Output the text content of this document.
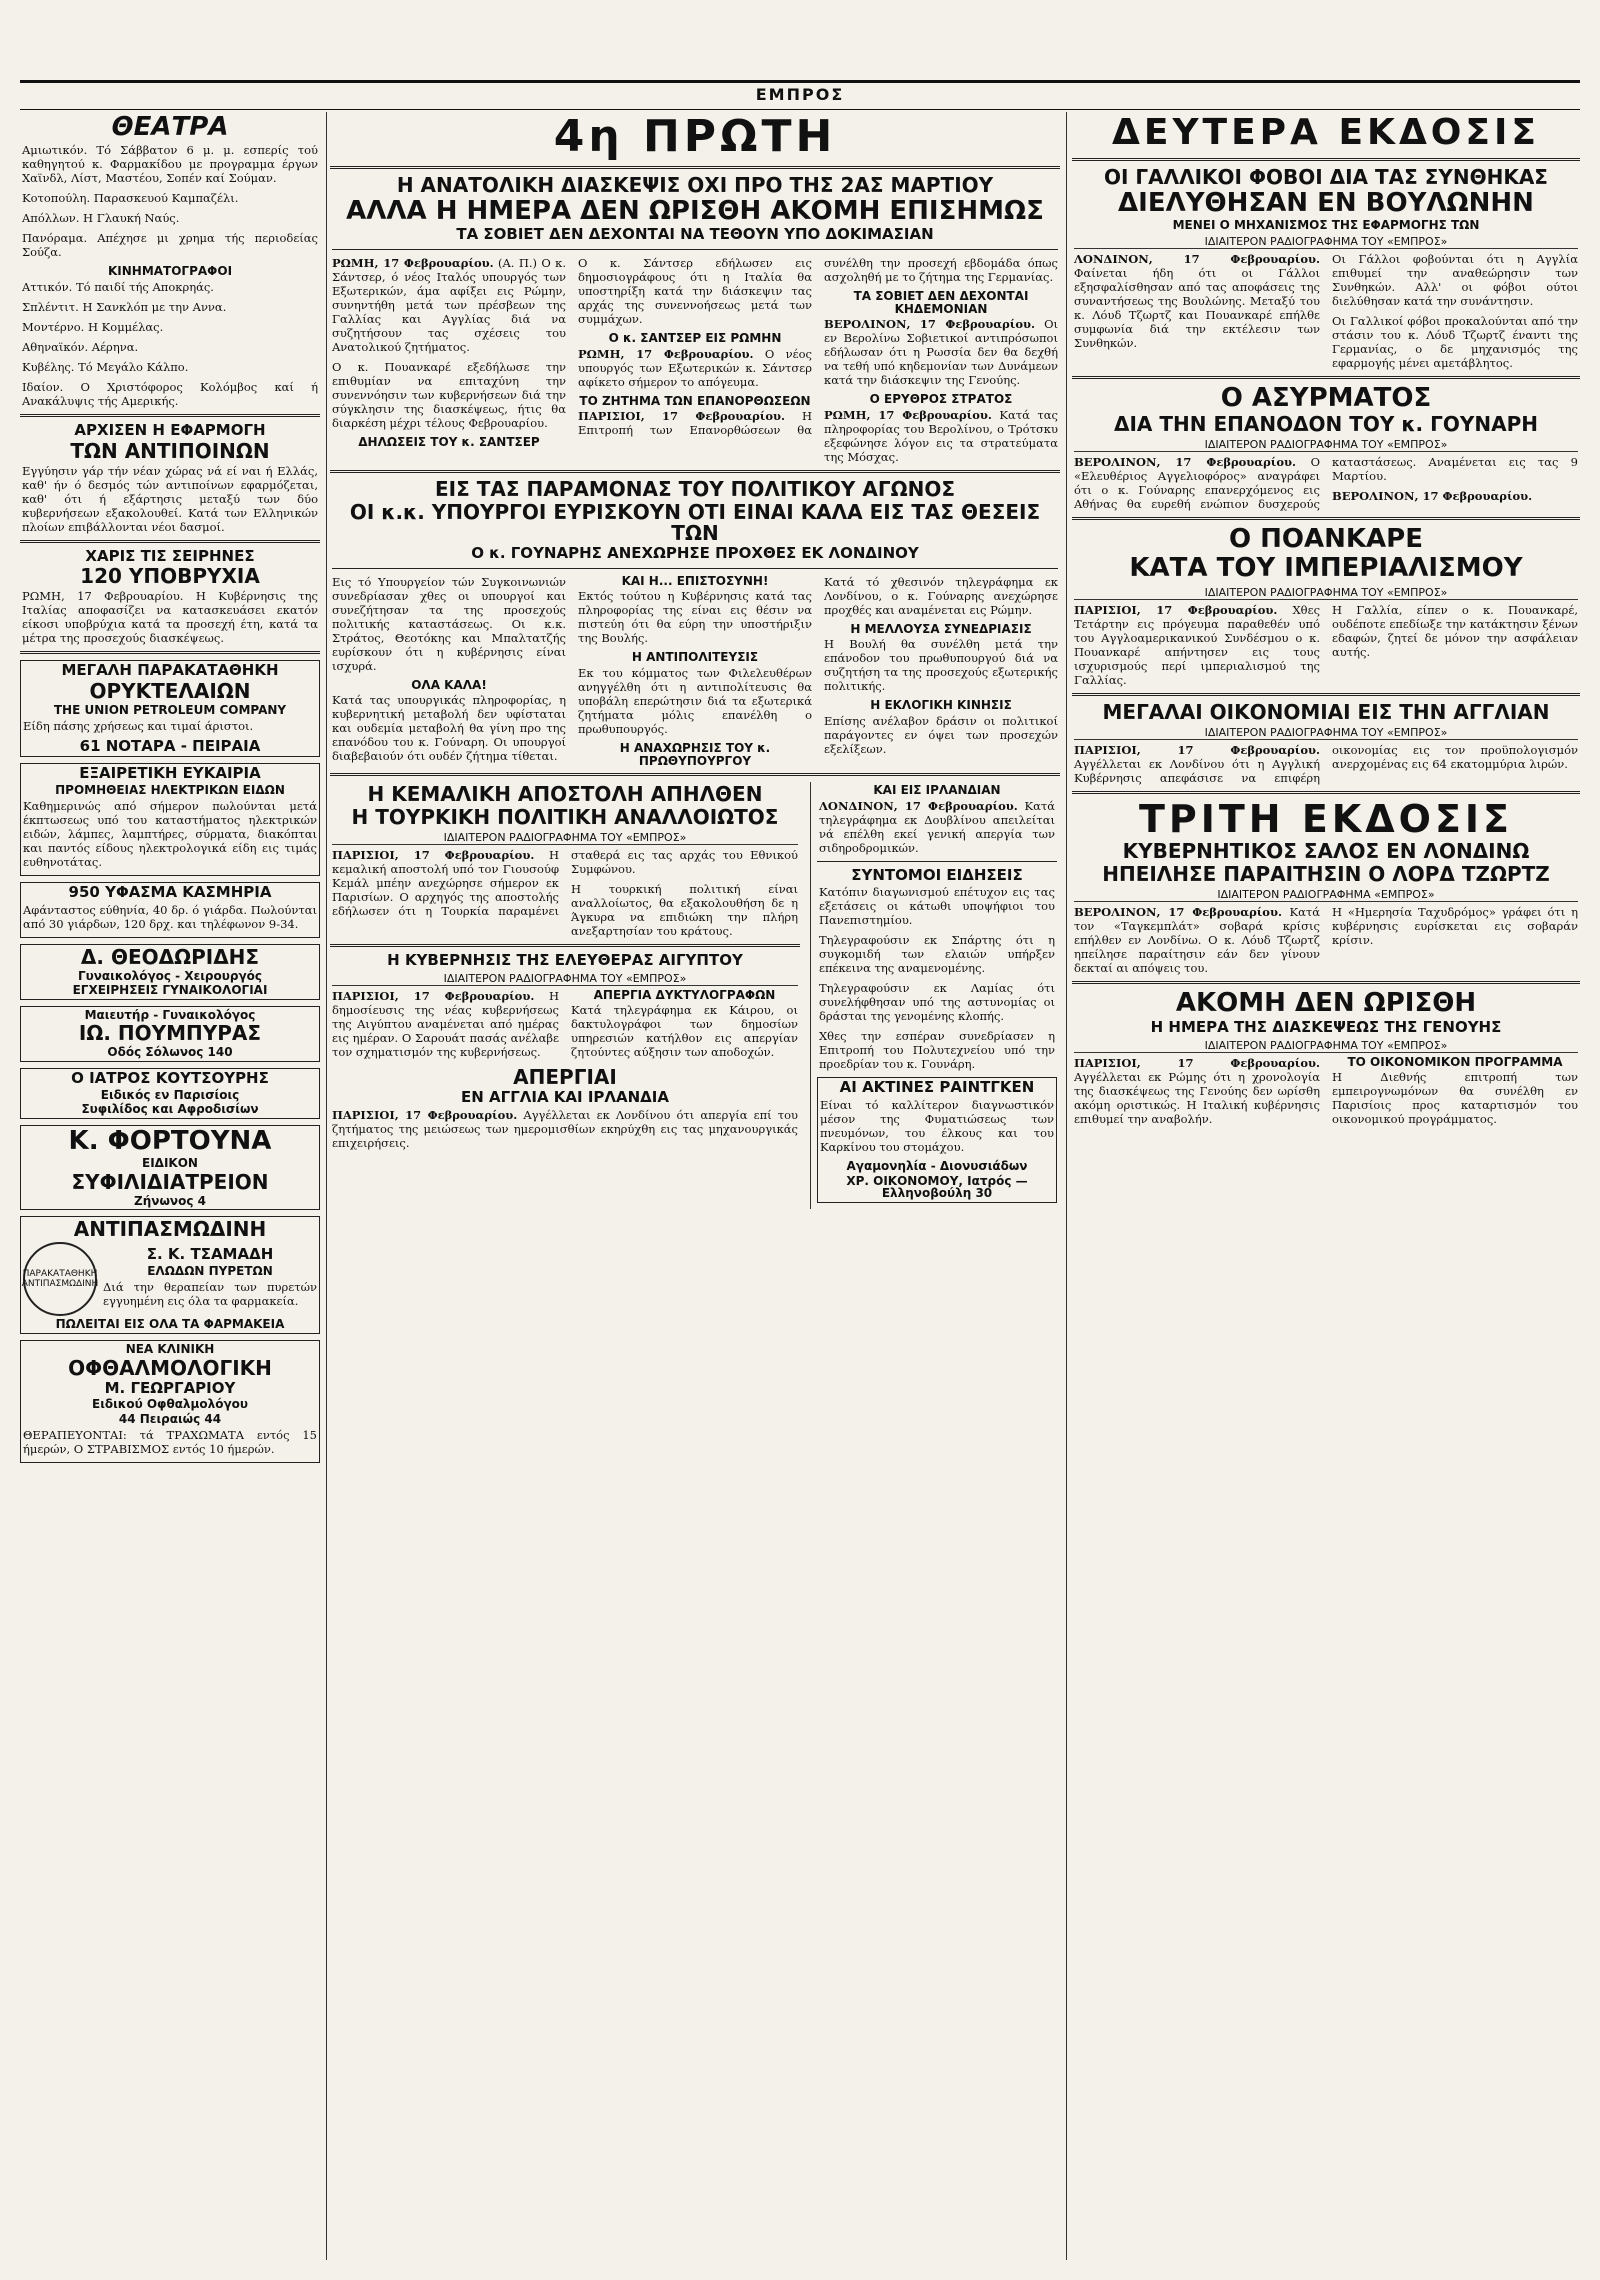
ΕΜΠΡΟΣ
ΘΕΑΤΡΑ

Αμιωτικόν. Τό Σάββατον 6 μ. μ. εσπερίς τού καθηγητού κ. Φαρμακίδου με προγραμμα έργων Χαϊνδλ, Λίστ, Μαστέου, Σοπέν καί Σούμαν.

Κοτοπούλη. Παρασκευού Καμπαζέλι.

Απόλλων. Η Γλαυκή Ναύς.

Πανόραμα. Απέχησε μι χρημα τής περιοδείας Σούζα.

ΚΙΝΗΜΑΤΟΓΡΑΦΟΙ

Αττικόν. Τό παιδί τής Αποκρηάς.

Σπλέντιτ. Η Σανκλόπ με την Αννα.

Μοντέρνο. Η Κομμέλας.

Αθηναϊκόν. Αέρηνα.

Κυβέλης. Τό Μεγάλο Κάλπο.

Ιδαίον. Ο Χριστόφορος Κολόμβος καί ή Ανακάλυψις τής Αμερικής.

ΑΡΧΙΣΕΝ Η ΕΦΑΡΜΟΓΗ
ΤΩΝ ΑΝΤΙΠΟΙΝΩΝ

Εγγύησιν γάρ τήν νέαν χώρας νά εί ναι ή Ελλάς, καθ' ήν ό δεσμός τών αντιποίνων εφαρμόζεται, καθ' ότι ή εξάρτησις μεταξύ των δύο κυβερνήσεων εξακολουθεί. Κατά των Ελληνικών πλοίων επιβάλλονται νέοι δασμοί.

ΧΑΡΙΣ ΤΙΣ ΣΕΙΡΗΝΕΣ
120 ΥΠΟΒΡΥΧΙΑ

ΡΩΜΗ, 17 Φεβρουαρίου. Η Κυβέρνησις της Ιταλίας αποφασίζει να κατασκευάσει εκατόν είκοσι υποβρύχια κατά τα προσεχή έτη, κατά τα μέτρα της προσεχούς διασκέψεως.

ΜΕΓΑΛΗ ΠΑΡΑΚΑΤΑΘΗΚΗ
ΟΡΥΚΤΕΛΑΙΩΝ
THE UNION PETROLEUM COMPANY

Είδη πάσης χρήσεως και τιμαί άριστοι.

61 ΝΟΤΑΡΑ - ΠΕΙΡΑΙΑ
ΕΞΑΙΡΕΤΙΚΗ ΕΥΚΑΙΡΙΑ
ΠΡΟΜΗΘΕΙΑΣ ΗΛΕΚΤΡΙΚΩΝ ΕΙΔΩΝ

Καθημερινώς από σήμερον πωλούνται μετά έκπτωσεως υπό του καταστήματος ηλεκτρικών ειδών, λάμπες, λαμπτήρες, σύρματα, διακόπται και παντός είδους ηλεκτρολογικά είδη εις τιμάς ευθηνοτάτας.

950 ΥΦΑΣΜΑ ΚΑΣΜΗΡΙΑ

Αφάνταστος εύθηνία, 40 δρ. ό γιάρδα. Πωλούνται από 30 γιάρδων, 120 δρχ. και τηλέφωνον 9-34.

Δ. ΘΕΟΔΩΡΙΔΗΣ
Γυναικολόγος - Χειρουργός
ΕΓΧΕΙΡΗΣΕΙΣ ΓΥΝΑΙΚΟΛΟΓΙΑΙ
Μαιευτήρ - Γυναικολόγος
ΙΩ. ΠΟΥΜΠΥΡΑΣ
Οδός Σόλωνος 140
Ο ΙΑΤΡΟΣ ΚΟΥΤΣΟΥΡΗΣ
Ειδικός εν Παρισίοις
Συφιλίδος και Αφροδισίων
Κ. ΦΟΡΤΟΥΝΑ
ΕΙΔΙΚΟΝ
ΣΥΦΙΛΙΔΙΑΤΡΕΙΟΝ
Ζήνωνος 4
ΑΝΤΙΠΑΣΜΩΔΙΝΗ
ΠΑΡΑΚΑΤΑΘΗΚΗ ΑΝΤΙΠΑΣΜΩΔΙΝΗ
Σ. Κ. ΤΣΑΜΑΔΗ
ΕΛΩΔΩΝ ΠΥΡΕΤΩΝ

Διά την θεραπείαν των πυρετών εγγυημένη εις όλα τα φαρμακεία.

ΠΩΛΕΙΤΑΙ ΕΙΣ ΟΛΑ ΤΑ ΦΑΡΜΑΚΕΙΑ
ΝΕΑ ΚΛΙΝΙΚΗ
ΟΦΘΑΛΜΟΛΟΓΙΚΗ
Μ. ΓΕΩΡΓΑΡΙΟΥ
Ειδικού Οφθαλμολόγου
44 Πειραιώς 44

ΘΕΡΑΠΕΥΟΝΤΑΙ: τά ΤΡΑΧΩΜΑΤΑ εντός 15 ήμερών, Ο ΣΤΡΑΒΙΣΜΟΣ εντός 10 ήμερών.

4η ΠΡΩΤΗ
Η ΑΝΑΤΟΛΙΚΗ ΔΙΑΣΚΕΨΙΣ ΟΧΙ ΠΡΟ ΤΗΣ 2ΑΣ ΜΑΡΤΙΟΥ
ΑΛΛΑ Η ΗΜΕΡΑ ΔΕΝ ΩΡΙΣΘΗ ΑΚΟΜΗ ΕΠΙΣΗΜΩΣ
ΤΑ ΣΟΒΙΕΤ ΔΕΝ ΔΕΧΟΝΤΑΙ ΝΑ ΤΕΘΟΥΝ ΥΠΟ ΔΟΚΙΜΑΣΙΑΝ

ΡΩΜΗ, 17 Φεβρουαρίου. (Α. Π.) Ο κ. Σάντσερ, ό νέος Ιταλός υπουργός των Εξωτερικών, άμα αφίξει εις Ρώμην, συνηντήθη μετά των πρέσβεων της Γαλλίας και Αγγλίας διά να συζητήσουν τας σχέσεις του Ανατολικού ζητήματος.

Ο κ. Πουανκαρέ εξεδήλωσε την επιθυμίαν να επιταχύνη την συνεννόησιν των κυβερνήσεων διά την σύγκλησιν της διασκέψεως, ήτις θα διαρκέση μέχρι τέλους Φεβρουαρίου.

ΔΗΛΩΣΕΙΣ ΤΟΥ κ. ΣΑΝΤΣΕΡ

Ο κ. Σάντσερ εδήλωσεν εις δημοσιογράφους ότι η Ιταλία θα υποστηρίξη κατά την διάσκεψιν τας αρχάς της συνεννοήσεως μετά των συμμάχων.

Ο κ. ΣΑΝΤΣΕΡ ΕΙΣ ΡΩΜΗΝ

ΡΩΜΗ, 17 Φεβρουαρίου. Ο νέος υπουργός των Εξωτερικών κ. Σάντσερ αφίκετο σήμερον το απόγευμα.

ΤΟ ΖΗΤΗΜΑ ΤΩΝ ΕΠΑΝΟΡΘΩΣΕΩΝ

ΠΑΡΙΣΙΟΙ, 17 Φεβρουαρίου. Η Επιτροπή των Επανορθώσεων θα συνέλθη την προσεχή εβδομάδα όπως ασχοληθή με το ζήτημα της Γερμανίας.

ΤΑ ΣΟΒΙΕΤ ΔΕΝ ΔΕΧΟΝΤΑΙ ΚΗΔΕΜΟΝΙΑΝ

ΒΕΡΟΛΙΝΟΝ, 17 Φεβρουαρίου. Οι εν Βερολίνω Σοβιετικοί αντιπρόσωποι εδήλωσαν ότι η Ρωσσία δεν θα δεχθή να τεθή υπό κηδεμονίαν των Δυνάμεων κατά την διάσκεψιν της Γενούης.

Ο ΕΡΥΘΡΟΣ ΣΤΡΑΤΟΣ

ΡΩΜΗ, 17 Φεβρουαρίου. Κατά τας πληροφορίας του Βερολίνου, ο Τρότσκυ εξεφώνησε λόγον εις τα στρατεύματα της Μόσχας.

ΕΙΣ ΤΑΣ ΠΑΡΑΜΟΝΑΣ ΤΟΥ ΠΟΛΙΤΙΚΟΥ ΑΓΩΝΟΣ
ΟΙ κ.κ. ΥΠΟΥΡΓΟΙ ΕΥΡΙΣΚΟΥΝ ΟΤΙ ΕΙΝΑΙ ΚΑΛΑ ΕΙΣ ΤΑΣ ΘΕΣΕΙΣ ΤΩΝ
Ο κ. ΓΟΥΝΑΡΗΣ ΑΝΕΧΩΡΗΣΕ ΠΡΟΧΘΕΣ ΕΚ ΛΟΝΔΙΝΟΥ

Εις τό Υπουργείον τών Συγκοινωνιών συνεδρίασαν χθες οι υπουργοί και συνεζήτησαν τα της προσεχούς πολιτικής καταστάσεως. Οι κ.κ. Στράτος, Θεοτόκης και Μπαλτατζής ευρίσκουν ότι η κυβέρνησις είναι ισχυρά.

ΟΛΑ ΚΑΛΑ!

Κατά τας υπουργικάς πληροφορίας, η κυβερνητική μεταβολή δεν υφίσταται και ουδεμία μεταβολή θα γίνη προ της επανόδου του κ. Γούναρη. Οι υπουργοί διαβεβαιούν ότι ουδέν ζήτημα τίθεται.

ΚΑΙ Η... ΕΠΙΣΤΟΣΥΝΗ!

Εκτός τούτου η Κυβέρνησις κατά τας πληροφορίας της είναι εις θέσιν να πιστεύη ότι θα εύρη την υποστήριξιν της Βουλής.

Η ΑΝΤΙΠΟΛΙΤΕΥΣΙΣ

Εκ του κόμματος των Φιλελευθέρων ανηγγέλθη ότι η αντιπολίτευσις θα υποβάλη επερώτησιν διά τα εξωτερικά ζητήματα μόλις επανέλθη ο πρωθυπουργός.

Η ΑΝΑΧΩΡΗΣΙΣ ΤΟΥ κ. ΠΡΩΘΥΠΟΥΡΓΟΥ

Κατά τό χθεσινόν τηλεγράφημα εκ Λονδίνου, ο κ. Γούναρης ανεχώρησε προχθές και αναμένεται εις Ρώμην.

Η ΜΕΛΛΟΥΣΑ ΣΥΝΕΔΡΙΑΣΙΣ

Η Βουλή θα συνέλθη μετά την επάνοδον του πρωθυπουργού διά να συζητήση τα της προσεχούς εξωτερικής πολιτικής.

Η ΕΚΛΟΓΙΚΗ ΚΙΝΗΣΙΣ

Επίσης ανέλαβον δράσιν οι πολιτικοί παράγοντες εν όψει των προσεχών εξελίξεων.

Η ΚΕΜΑΛΙΚΗ ΑΠΟΣΤΟΛΗ ΑΠΗΛΘΕΝ
Η ΤΟΥΡΚΙΚΗ ΠΟΛΙΤΙΚΗ ΑΝΑΛΛΟΙΩΤΟΣ
ΙΔΙΑΙΤΕΡΟΝ ΡΑΔΙΟΓΡΑΦΗΜΑ ΤΟΥ «ΕΜΠΡΟΣ»

ΠΑΡΙΣΙΟΙ, 17 Φεβρουαρίου. Η κεμαλική αποστολή υπό τον Γιουσούφ Κεμάλ μπέην ανεχώρησε σήμερον εκ Παρισίων. Ο αρχηγός της αποστολής εδήλωσεν ότι η Τουρκία παραμένει σταθερά εις τας αρχάς του Εθνικού Συμφώνου.

Η τουρκική πολιτική είναι αναλλοίωτος, θα εξακολουθήση δε η Άγκυρα να επιδιώκη την πλήρη ανεξαρτησίαν του κράτους.

Η ΚΥΒΕΡΝΗΣΙΣ ΤΗΣ ΕΛΕΥΘΕΡΑΣ ΑΙΓΥΠΤΟΥ
ΙΔΙΑΙΤΕΡΟΝ ΡΑΔΙΟΓΡΑΦΗΜΑ ΤΟΥ «ΕΜΠΡΟΣ»

ΠΑΡΙΣΙΟΙ, 17 Φεβρουαρίου. Η δημοσίευσις της νέας κυβερνήσεως της Αιγύπτου αναμένεται από ημέρας εις ημέραν. Ο Σαρουάτ πασάς ανέλαβε τον σχηματισμόν της κυβερνήσεως.

ΑΠΕΡΓΙΑ ΔΥΚΤΥΛΟΓΡΑΦΩΝ

Κατά τηλεγράφημα εκ Κάιρου, οι δακτυλογράφοι των δημοσίων υπηρεσιών κατήλθον εις απεργίαν ζητούντες αύξησιν των αποδοχών.

ΑΠΕΡΓΙΑΙ
ΕΝ ΑΓΓΛΙΑ ΚΑΙ ΙΡΛΑΝΔΙΑ

ΠΑΡΙΣΙΟΙ, 17 Φεβρουαρίου. Αγγέλλεται εκ Λονδίνου ότι απεργία επί του ζητήματος της μειώσεως των ημερομισθίων εκηρύχθη εις τας μηχανουργικάς επιχειρήσεις.

ΚΑΙ ΕΙΣ ΙΡΛΑΝΔΙΑΝ

ΛΟΝΔΙΝΟΝ, 17 Φεβρουαρίου. Κατά τηλεγράφημα εκ Δουβλίνου απειλείται νά επέλθη εκεί γενική απεργία των σιδηροδρομικών.

ΣΥΝΤΟΜΟΙ ΕΙΔΗΣΕΙΣ

Κατόπιν διαγωνισμού επέτυχον εις τας εξετάσεις οι κάτωθι υποψήφιοι του Πανεπιστημίου.

Τηλεγραφούσιν εκ Σπάρτης ότι η συγκομιδή των ελαιών υπήρξεν επέκεινα της αναμενομένης.

Τηλεγραφούσιν εκ Λαμίας ότι συνελήφθησαν υπό της αστυνομίας οι δράσται της γενομένης κλοπής.

Χθες την εσπέραν συνεδρίασεν η Επιτροπή του Πολυτεχνείου υπό την προεδρίαν του κ. Γουνάρη.

ΑΙ ΑΚΤΙΝΕΣ ΡΑΙΝΤΓΚΕΝ

Είναι τό καλλίτερον διαγνωστικόν μέσον της Φυματιώσεως των πνευμόνων, του έλκους και του Καρκίνου του στομάχου.

Αγαμονηλία - Διονυσιάδων
ΧΡ. ΟΙΚΟΝΟΜΟΥ, Ιατρός — Ελληνοβούλη 30
ΔΕΥΤΕΡΑ ΕΚΔΟΣΙΣ
ΟΙ ΓΑΛΛΙΚΟΙ ΦΟΒΟΙ ΔΙΑ ΤΑΣ ΣΥΝΘΗΚΑΣ
ΔΙΕΛΥΘΗΣΑΝ ΕΝ ΒΟΥΛΩΝΗΝ
ΜΕΝΕΙ Ο ΜΗΧΑΝΙΣΜΟΣ ΤΗΣ ΕΦΑΡΜΟΓΗΣ ΤΩΝ
ΙΔΙΑΙΤΕΡΟΝ ΡΑΔΙΟΓΡΑΦΗΜΑ ΤΟΥ «ΕΜΠΡΟΣ»

ΛΟΝΔΙΝΟΝ, 17 Φεβρουαρίου. Φαίνεται ήδη ότι οι Γάλλοι εξησφαλίσθησαν από τας αποφάσεις της συναντήσεως της Βουλώνης. Μεταξύ του κ. Λόυδ Τζωρτζ και Πουανκαρέ επήλθε συμφωνία διά την εκτέλεσιν των Συνθηκών.

Οι Γάλλοι φοβούνται ότι η Αγγλία επιθυμεί την αναθεώρησιν των Συνθηκών. Αλλ' οι φόβοι ούτοι διελύθησαν κατά την συνάντησιν.

Οι Γαλλικοί φόβοι προκαλούνται από την στάσιν του κ. Λόυδ Τζωρτζ έναντι της Γερμανίας, ο δε μηχανισμός της εφαρμογής μένει αμετάβλητος.

Ο ΑΣΥΡΜΑΤΟΣ
ΔΙΑ ΤΗΝ ΕΠΑΝΟΔΟΝ ΤΟΥ κ. ΓΟΥΝΑΡΗ
ΙΔΙΑΙΤΕΡΟΝ ΡΑΔΙΟΓΡΑΦΗΜΑ ΤΟΥ «ΕΜΠΡΟΣ»

ΒΕΡΟΛΙΝΟΝ, 17 Φεβρουαρίου. Ο «Ελευθέριος Αγγελιοφόρος» αναγράφει ότι ο κ. Γούναρης επανερχόμενος εις Αθήνας θα ευρεθή ενώπιον δυσχερούς καταστάσεως. Αναμένεται εις τας 9 Μαρτίου.

ΒΕΡΟΛΙΝΟΝ, 17 Φεβρουαρίου.

Ο ΠΟΑΝΚΑΡΕ
ΚΑΤΑ ΤΟΥ ΙΜΠΕΡΙΑΛΙΣΜΟΥ
ΙΔΙΑΙΤΕΡΟΝ ΡΑΔΙΟΓΡΑΦΗΜΑ ΤΟΥ «ΕΜΠΡΟΣ»

ΠΑΡΙΣΙΟΙ, 17 Φεβρουαρίου. Χθες Τετάρτην εις πρόγευμα παραθεθέν υπό του Αγγλοαμερικανικού Συνδέσμου ο κ. Πουανκαρέ απήντησεν εις τους ισχυρισμούς περί ιμπεριαλισμού της Γαλλίας.

Η Γαλλία, είπεν ο κ. Πουανκαρέ, ουδέποτε επεδίωξε την κατάκτησιν ξένων εδαφών, ζητεί δε μόνον την ασφάλειαν αυτής.

ΜΕΓΑΛΑΙ ΟΙΚΟΝΟΜΙΑΙ ΕΙΣ ΤΗΝ ΑΓΓΛΙΑΝ
ΙΔΙΑΙΤΕΡΟΝ ΡΑΔΙΟΓΡΑΦΗΜΑ ΤΟΥ «ΕΜΠΡΟΣ»

ΠΑΡΙΣΙΟΙ, 17 Φεβρουαρίου. Αγγέλλεται εκ Λονδίνου ότι η Αγγλική Κυβέρνησις απεφάσισε να επιφέρη οικονομίας εις τον προϋπολογισμόν ανερχομένας εις 64 εκατομμύρια λιρών.

ΤΡΙΤΗ ΕΚΔΟΣΙΣ
ΚΥΒΕΡΝΗΤΙΚΟΣ ΣΑΛΟΣ ΕΝ ΛΟΝΔΙΝΩ
ΗΠΕΙΛΗΣΕ ΠΑΡΑΙΤΗΣΙΝ Ο ΛΟΡΔ ΤΖΩΡΤΖ
ΙΔΙΑΙΤΕΡΟΝ ΡΑΔΙΟΓΡΑΦΗΜΑ «ΕΜΠΡΟΣ»

ΒΕΡΟΛΙΝΟΝ, 17 Φεβρουαρίου. Κατά τον «Ταγκεμπλάτ» σοβαρά κρίσις επήλθεν εν Λονδίνω. Ο κ. Λόυδ Τζωρτζ ηπείλησε παραίτησιν εάν δεν γίνουν δεκταί αι απόψεις του.

Η «Ημερησία Ταχυδρόμος» γράφει ότι η κυβέρνησις ευρίσκεται εις σοβαράν κρίσιν.

ΑΚΟΜΗ ΔΕΝ ΩΡΙΣΘΗ
Η ΗΜΕΡΑ ΤΗΣ ΔΙΑΣΚΕΨΕΩΣ ΤΗΣ ΓΕΝΟΥΗΣ
ΙΔΙΑΙΤΕΡΟΝ ΡΑΔΙΟΓΡΑΦΗΜΑ ΤΟΥ «ΕΜΠΡΟΣ»

ΠΑΡΙΣΙΟΙ, 17 Φεβρουαρίου. Αγγέλλεται εκ Ρώμης ότι η χρονολογία της διασκέψεως της Γενούης δεν ωρίσθη ακόμη οριστικώς. Η Ιταλική κυβέρνησις επιθυμεί την αναβολήν.

ΤΟ ΟΙΚΟΝΟΜΙΚΟΝ ΠΡΟΓΡΑΜΜΑ

Η Διεθνής επιτροπή των εμπειρογνωμόνων θα συνέλθη εν Παρισίοις προς καταρτισμόν του οικονομικού προγράμματος.
